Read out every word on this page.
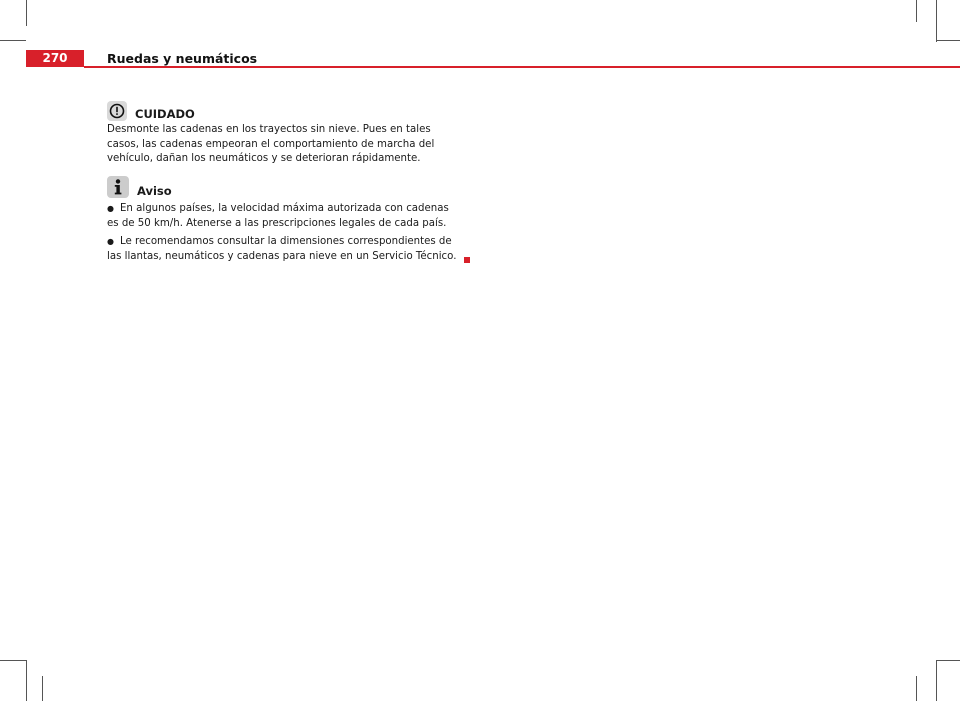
270	Ruedas y neumáticos
CUIDADO

Desmonte las cadenas en los trayectos sin nieve. Pues en tales casos, las cadenas empeoran el comportamiento de marcha del vehículo, dañan los neumáticos y se deterioran rápidamente.

Aviso

● En algunos países, la velocidad máxima autorizada con cadenas es de 50 km/h. Atenerse a las prescripciones legales de cada país.

● Le recomendamos consultar la dimensiones correspondientes de las llantas, neumáticos y cadenas para nieve en un Servicio Técnico.
